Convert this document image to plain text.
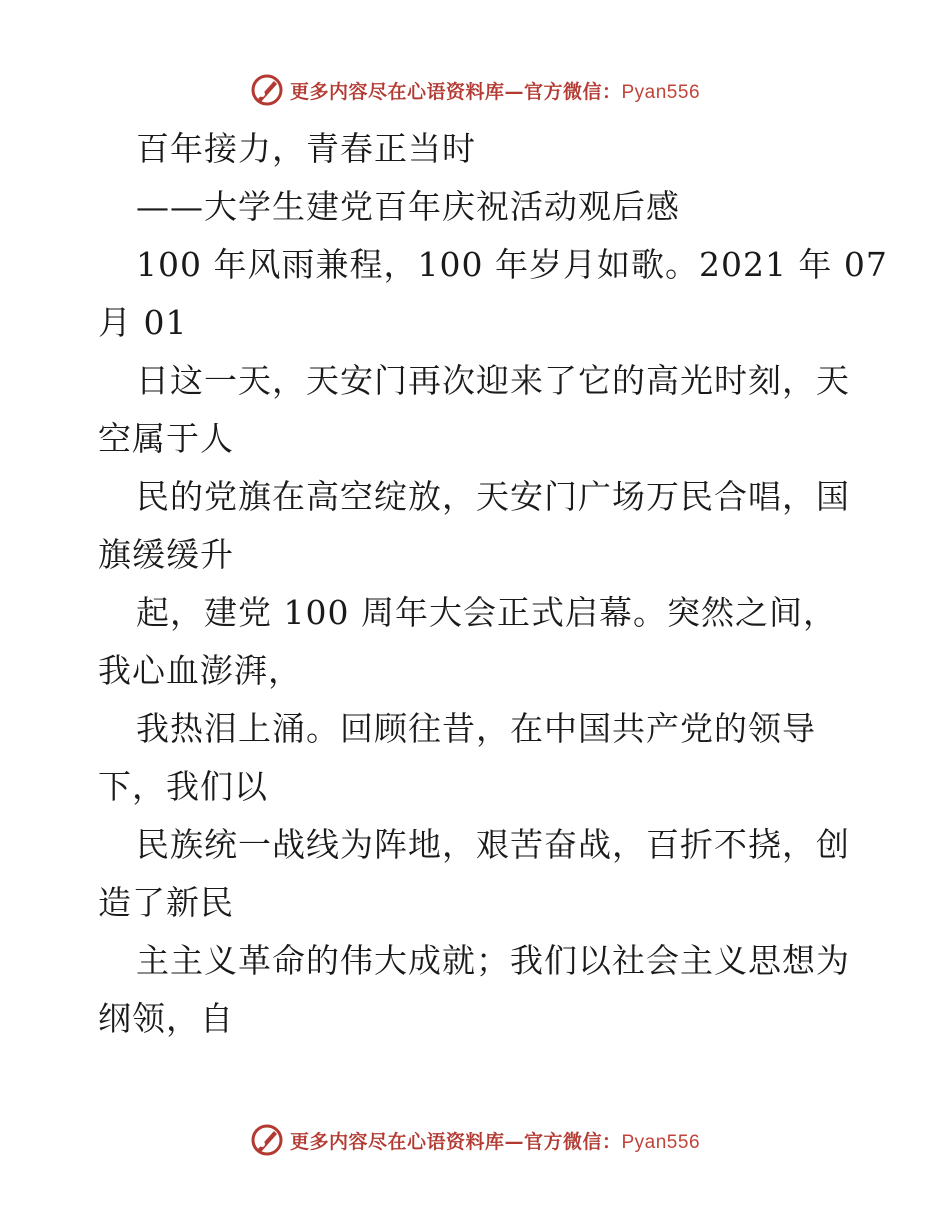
更多内容尽在心语资料库—官方微信：Pyan556
百年接力，青春正当时
——大学生建党百年庆祝活动观后感
100 年风雨兼程，100 年岁月如歌。2021 年 07
月 01
日这一天，天安门再次迎来了它的高光时刻，天
空属于人
民的党旗在高空绽放，天安门广场万民合唱，国
旗缓缓升
起，建党 100 周年大会正式启幕。突然之间，
我心血澎湃，
我热泪上涌。回顾往昔，在中国共产党的领导
下，我们以
民族统一战线为阵地，艰苦奋战，百折不挠，创
造了新民
主主义革命的伟大成就；我们以社会主义思想为
纲领，自
更多内容尽在心语资料库—官方微信：Pyan556
